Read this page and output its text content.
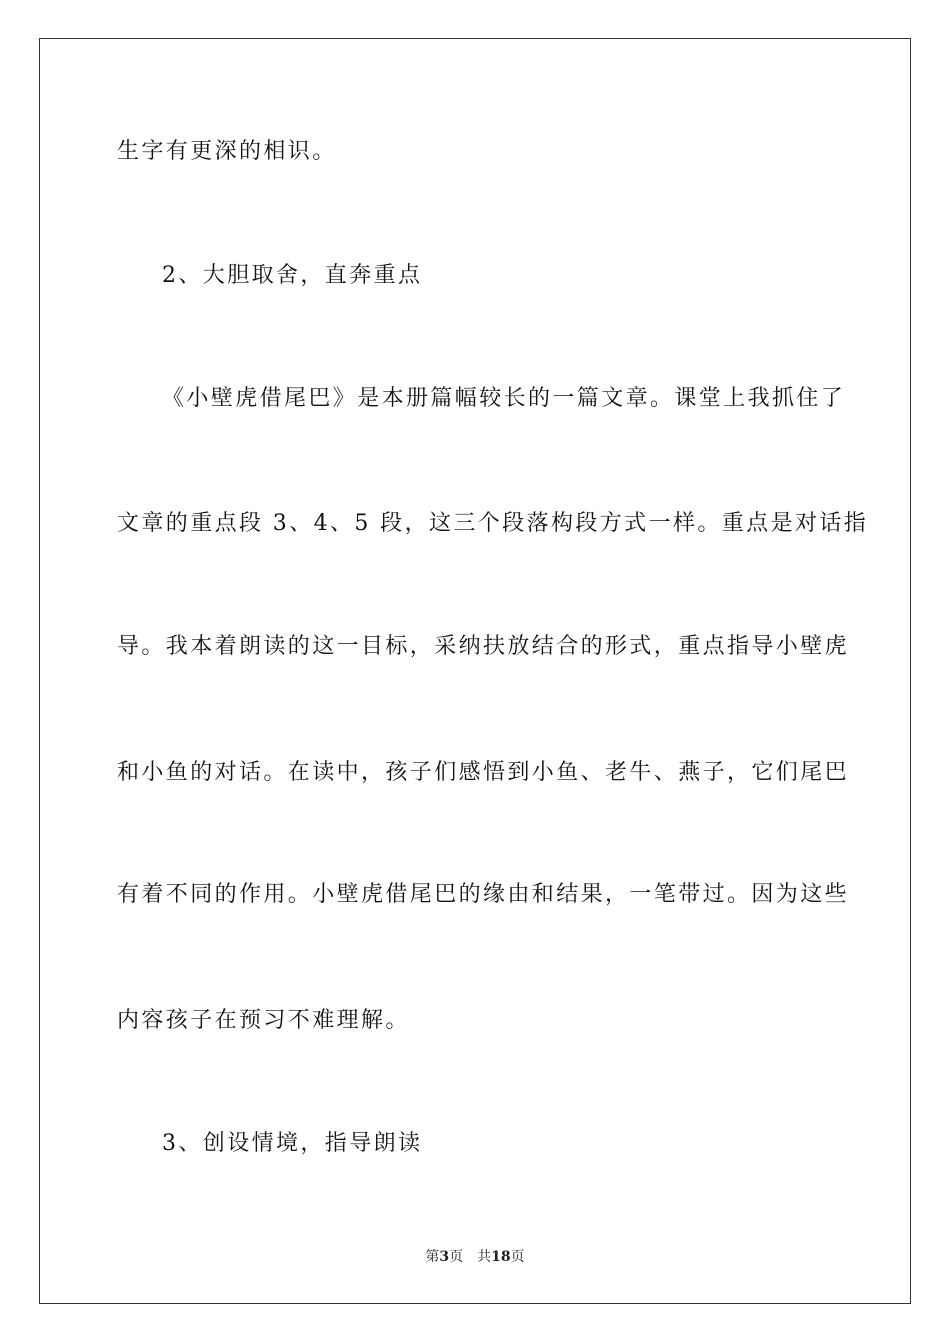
生字有更深的相识。
2、大胆取舍，直奔重点
《小壁虎借尾巴》是本册篇幅较长的一篇文章。课堂上我抓住了
文章的重点段 3、4、5 段，这三个段落构段方式一样。重点是对话指
导。我本着朗读的这一目标，采纳扶放结合的形式，重点指导小壁虎
和小鱼的对话。在读中，孩子们感悟到小鱼、老牛、燕子，它们尾巴
有着不同的作用。小壁虎借尾巴的缘由和结果，一笔带过。因为这些
内容孩子在预习不难理解。
3、创设情境，指导朗读
第3页 共18页
